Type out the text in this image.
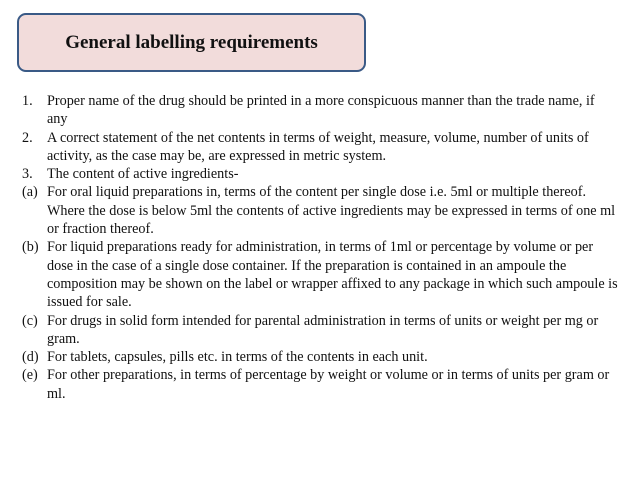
General labelling requirements
1.	Proper name of the drug should be printed in a more conspicuous manner than the trade name, if any
2.	A correct statement of the net contents in terms of weight, measure, volume, number of units of activity, as the case may be, are expressed in metric system.
3.	The content of active ingredients-
(a) For oral liquid preparations in, terms of the content per single dose i.e. 5ml or multiple thereof. Where the dose is below 5ml the contents of active ingredients may be expressed in terms of one ml or fraction thereof.
(b) For liquid preparations ready for administration, in terms of 1ml or percentage by volume or per dose in the case of a single dose container. If the preparation is contained in an ampoule the composition may be shown on the label or wrapper affixed to any package in which such ampoule is issued for sale.
(c) For drugs in solid form intended for parental administration in terms of units or weight per mg or gram.
(d) For tablets, capsules, pills etc. in terms of the contents in each unit.
(e) For other preparations, in terms of percentage by weight or volume or in terms of units per gram or ml.
